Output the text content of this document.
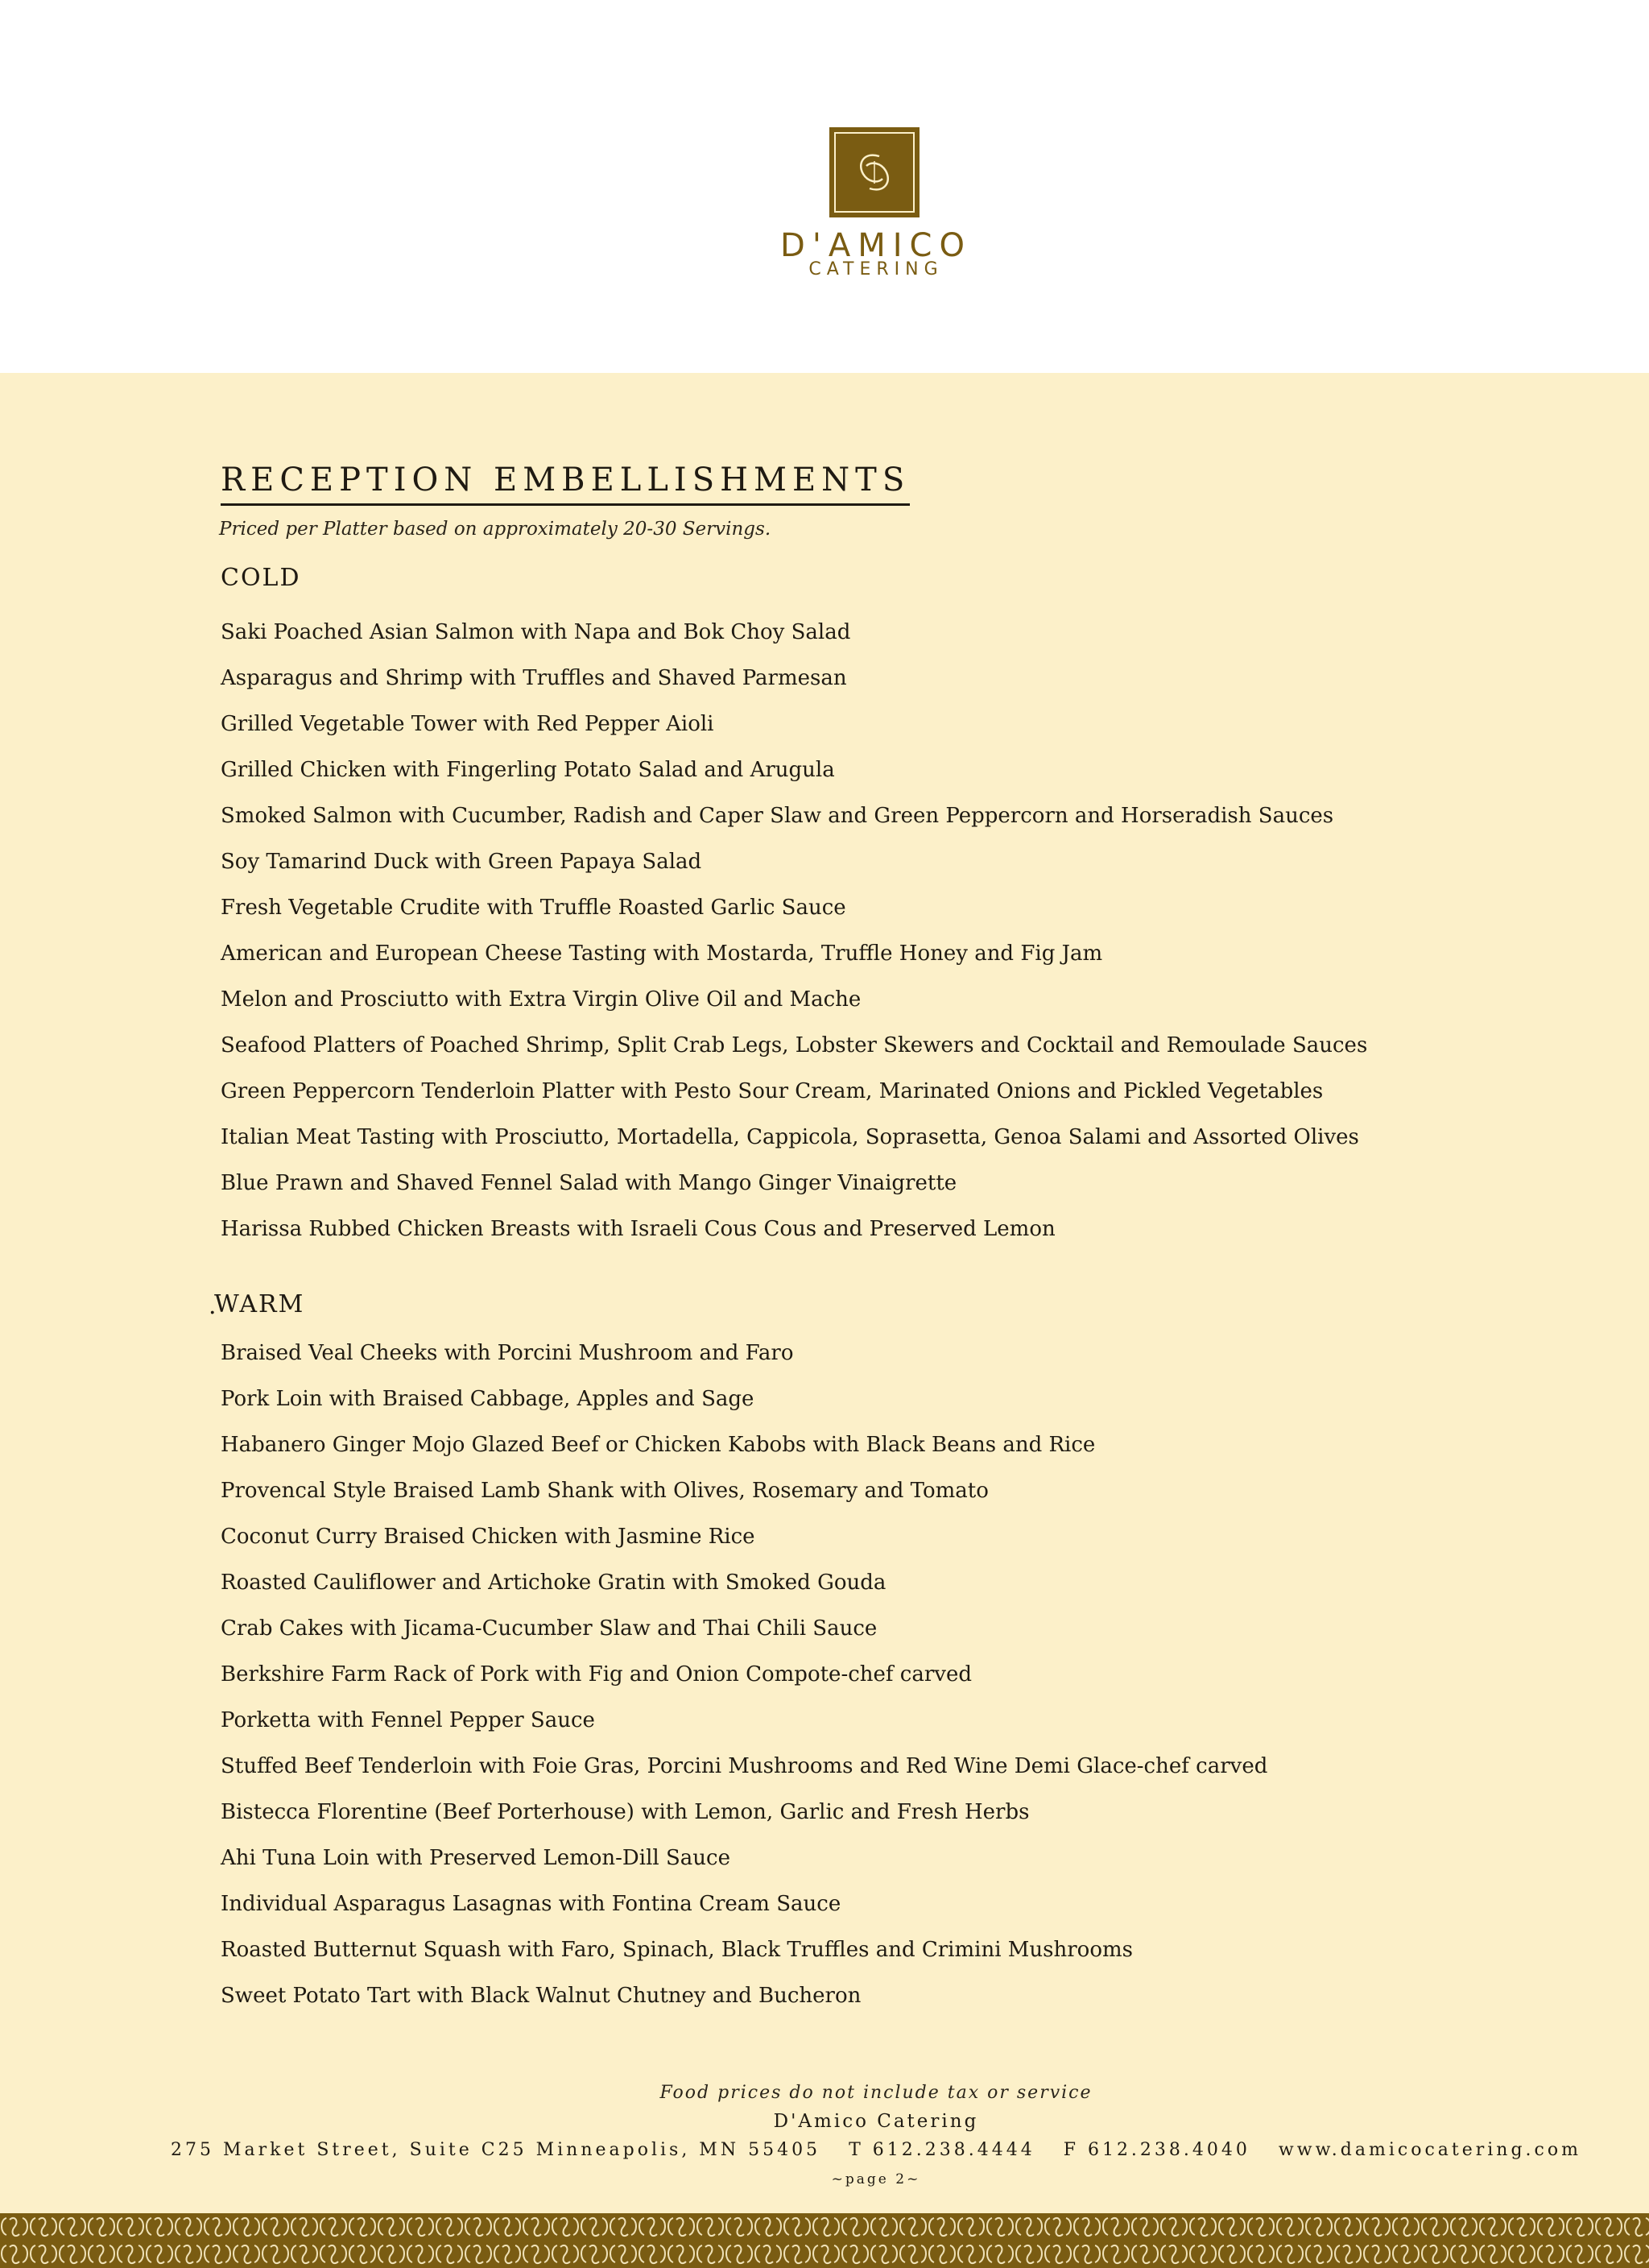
D'AMICO
CATERING
RECEPTION EMBELLISHMENTS
Priced per Platter based on approximately 20-30 Servings.
COLD
Saki Poached Asian Salmon with Napa and Bok Choy Salad
Asparagus and Shrimp with Truffles and Shaved Parmesan
Grilled Vegetable Tower with Red Pepper Aioli
Grilled Chicken with Fingerling Potato Salad and Arugula
Smoked Salmon with Cucumber, Radish and Caper Slaw and Green Peppercorn and Horseradish Sauces
Soy Tamarind Duck with Green Papaya Salad
Fresh Vegetable Crudite with Truffle Roasted Garlic Sauce
American and European Cheese Tasting with Mostarda, Truffle Honey and Fig Jam
Melon and Prosciutto with Extra Virgin Olive Oil and Mache
Seafood Platters of Poached Shrimp, Split Crab Legs, Lobster Skewers and Cocktail and Remoulade Sauces
Green Peppercorn Tenderloin Platter with Pesto Sour Cream, Marinated Onions and Pickled Vegetables
Italian Meat Tasting with Prosciutto, Mortadella, Cappicola, Soprasetta, Genoa Salami and Assorted Olives
Blue Prawn and Shaved Fennel Salad with Mango Ginger Vinaigrette
Harissa Rubbed Chicken Breasts with Israeli Cous Cous and Preserved Lemon
.
WARM
Braised Veal Cheeks with Porcini Mushroom and Faro
Pork Loin with Braised Cabbage, Apples and Sage
Habanero Ginger Mojo Glazed Beef or Chicken Kabobs with Black Beans and Rice
Provencal Style Braised Lamb Shank with Olives, Rosemary and Tomato
Coconut Curry Braised Chicken with Jasmine Rice
Roasted Cauliflower and Artichoke Gratin with Smoked Gouda
Crab Cakes with Jicama-Cucumber Slaw and Thai Chili Sauce
Berkshire Farm Rack of Pork with Fig and Onion Compote-chef carved
Porketta with Fennel Pepper Sauce
Stuffed Beef Tenderloin with Foie Gras, Porcini Mushrooms and Red Wine Demi Glace-chef carved
Bistecca Florentine (Beef Porterhouse) with Lemon, Garlic and Fresh Herbs
Ahi Tuna Loin with Preserved Lemon-Dill Sauce
Individual Asparagus Lasagnas with Fontina Cream Sauce
Roasted Butternut Squash with Faro, Spinach, Black Truffles and Crimini Mushrooms
Sweet Potato Tart with Black Walnut Chutney and Bucheron
Food prices do not include tax or service
D'Amico Catering
275 Market Street, Suite C25 Minneapolis, MN 55405 T 612.238.4444 F 612.238.4040 www.damicocatering.com
~page 2~
